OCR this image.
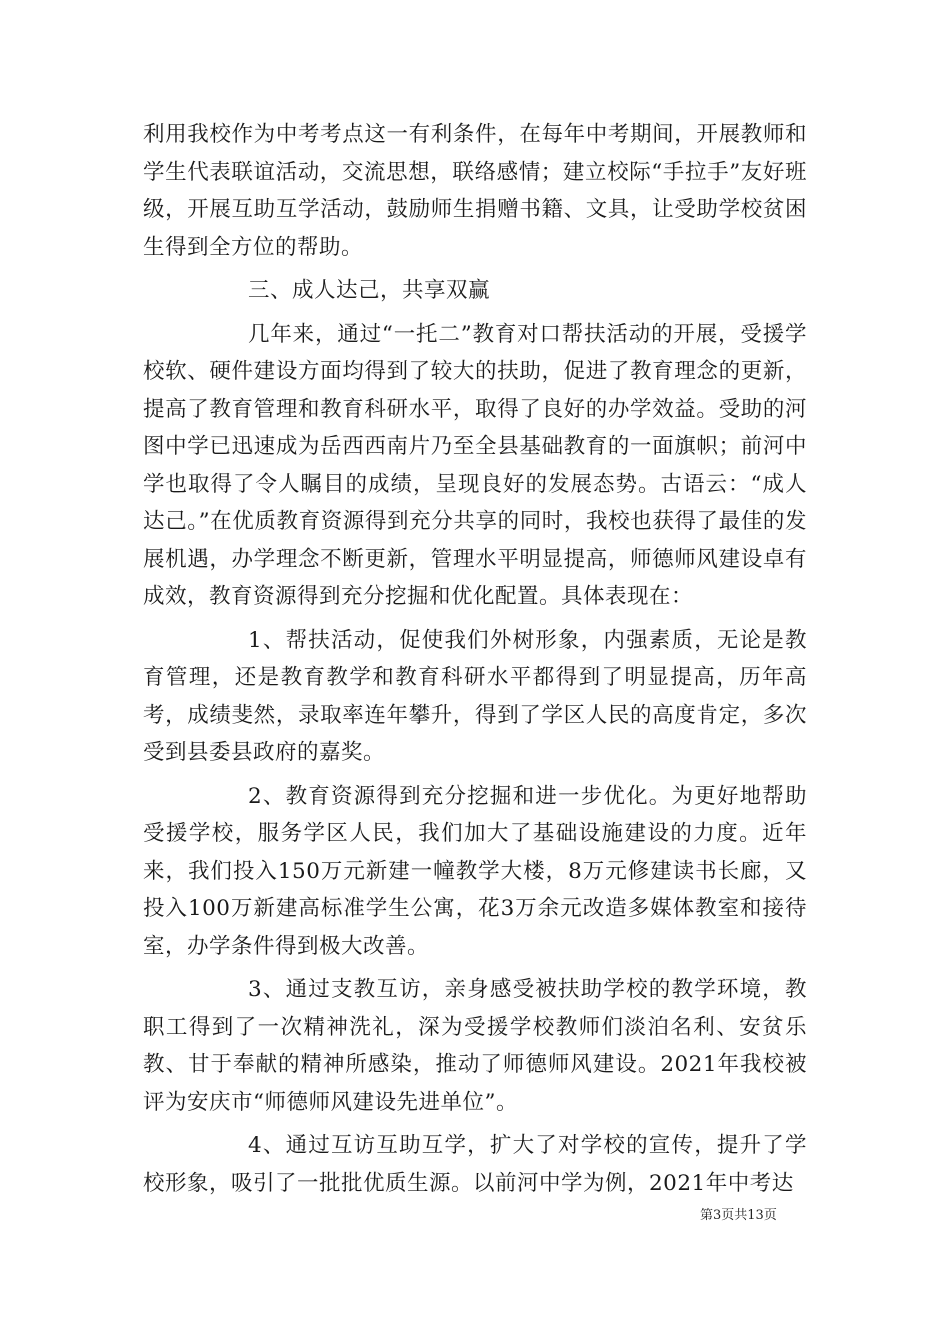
利用我校作为中考考点这一有利条件，在每年中考期间，开展教师和学生代表联谊活动，交流思想，联络感情；建立校际“手拉手”友好班级，开展互助互学活动，鼓励师生捐赠书籍、文具，让受助学校贫困生得到全方位的帮助。

三、成人达己，共享双赢

几年来，通过“一托二”教育对口帮扶活动的开展，受援学校软、硬件建设方面均得到了较大的扶助，促进了教育理念的更新，提高了教育管理和教育科研水平，取得了良好的办学效益。受助的河图中学已迅速成为岳西西南片乃至全县基础教育的一面旗帜；前河中学也取得了令人瞩目的成绩，呈现良好的发展态势。古语云：“成人达己。”在优质教育资源得到充分共享的同时，我校也获得了最佳的发展机遇，办学理念不断更新，管理水平明显提高，师德师风建设卓有成效，教育资源得到充分挖掘和优化配置。具体表现在：

1、帮扶活动，促使我们外树形象，内强素质，无论是教育管理，还是教育教学和教育科研水平都得到了明显提高，历年高考，成绩斐然，录取率连年攀升，得到了学区人民的高度肯定，多次受到县委县政府的嘉奖。

2、教育资源得到充分挖掘和进一步优化。为更好地帮助受援学校，服务学区人民，我们加大了基础设施建设的力度。近年来，我们投入150万元新建一幢教学大楼，8万元修建读书长廊，又投入100万新建高标准学生公寓，花3万余元改造多媒体教室和接待室，办学条件得到极大改善。

3、通过支教互访，亲身感受被扶助学校的教学环境，教职工得到了一次精神洗礼，深为受援学校教师们淡泊名利、安贫乐教、甘于奉献的精神所感染，推动了师德师风建设。2021年我校被评为安庆市“师德师风建设先进单位”。

4、通过互访互助互学，扩大了对学校的宣传，提升了学校形象，吸引了一批批优质生源。以前河中学为例，2021年中考达

第3页共13页
